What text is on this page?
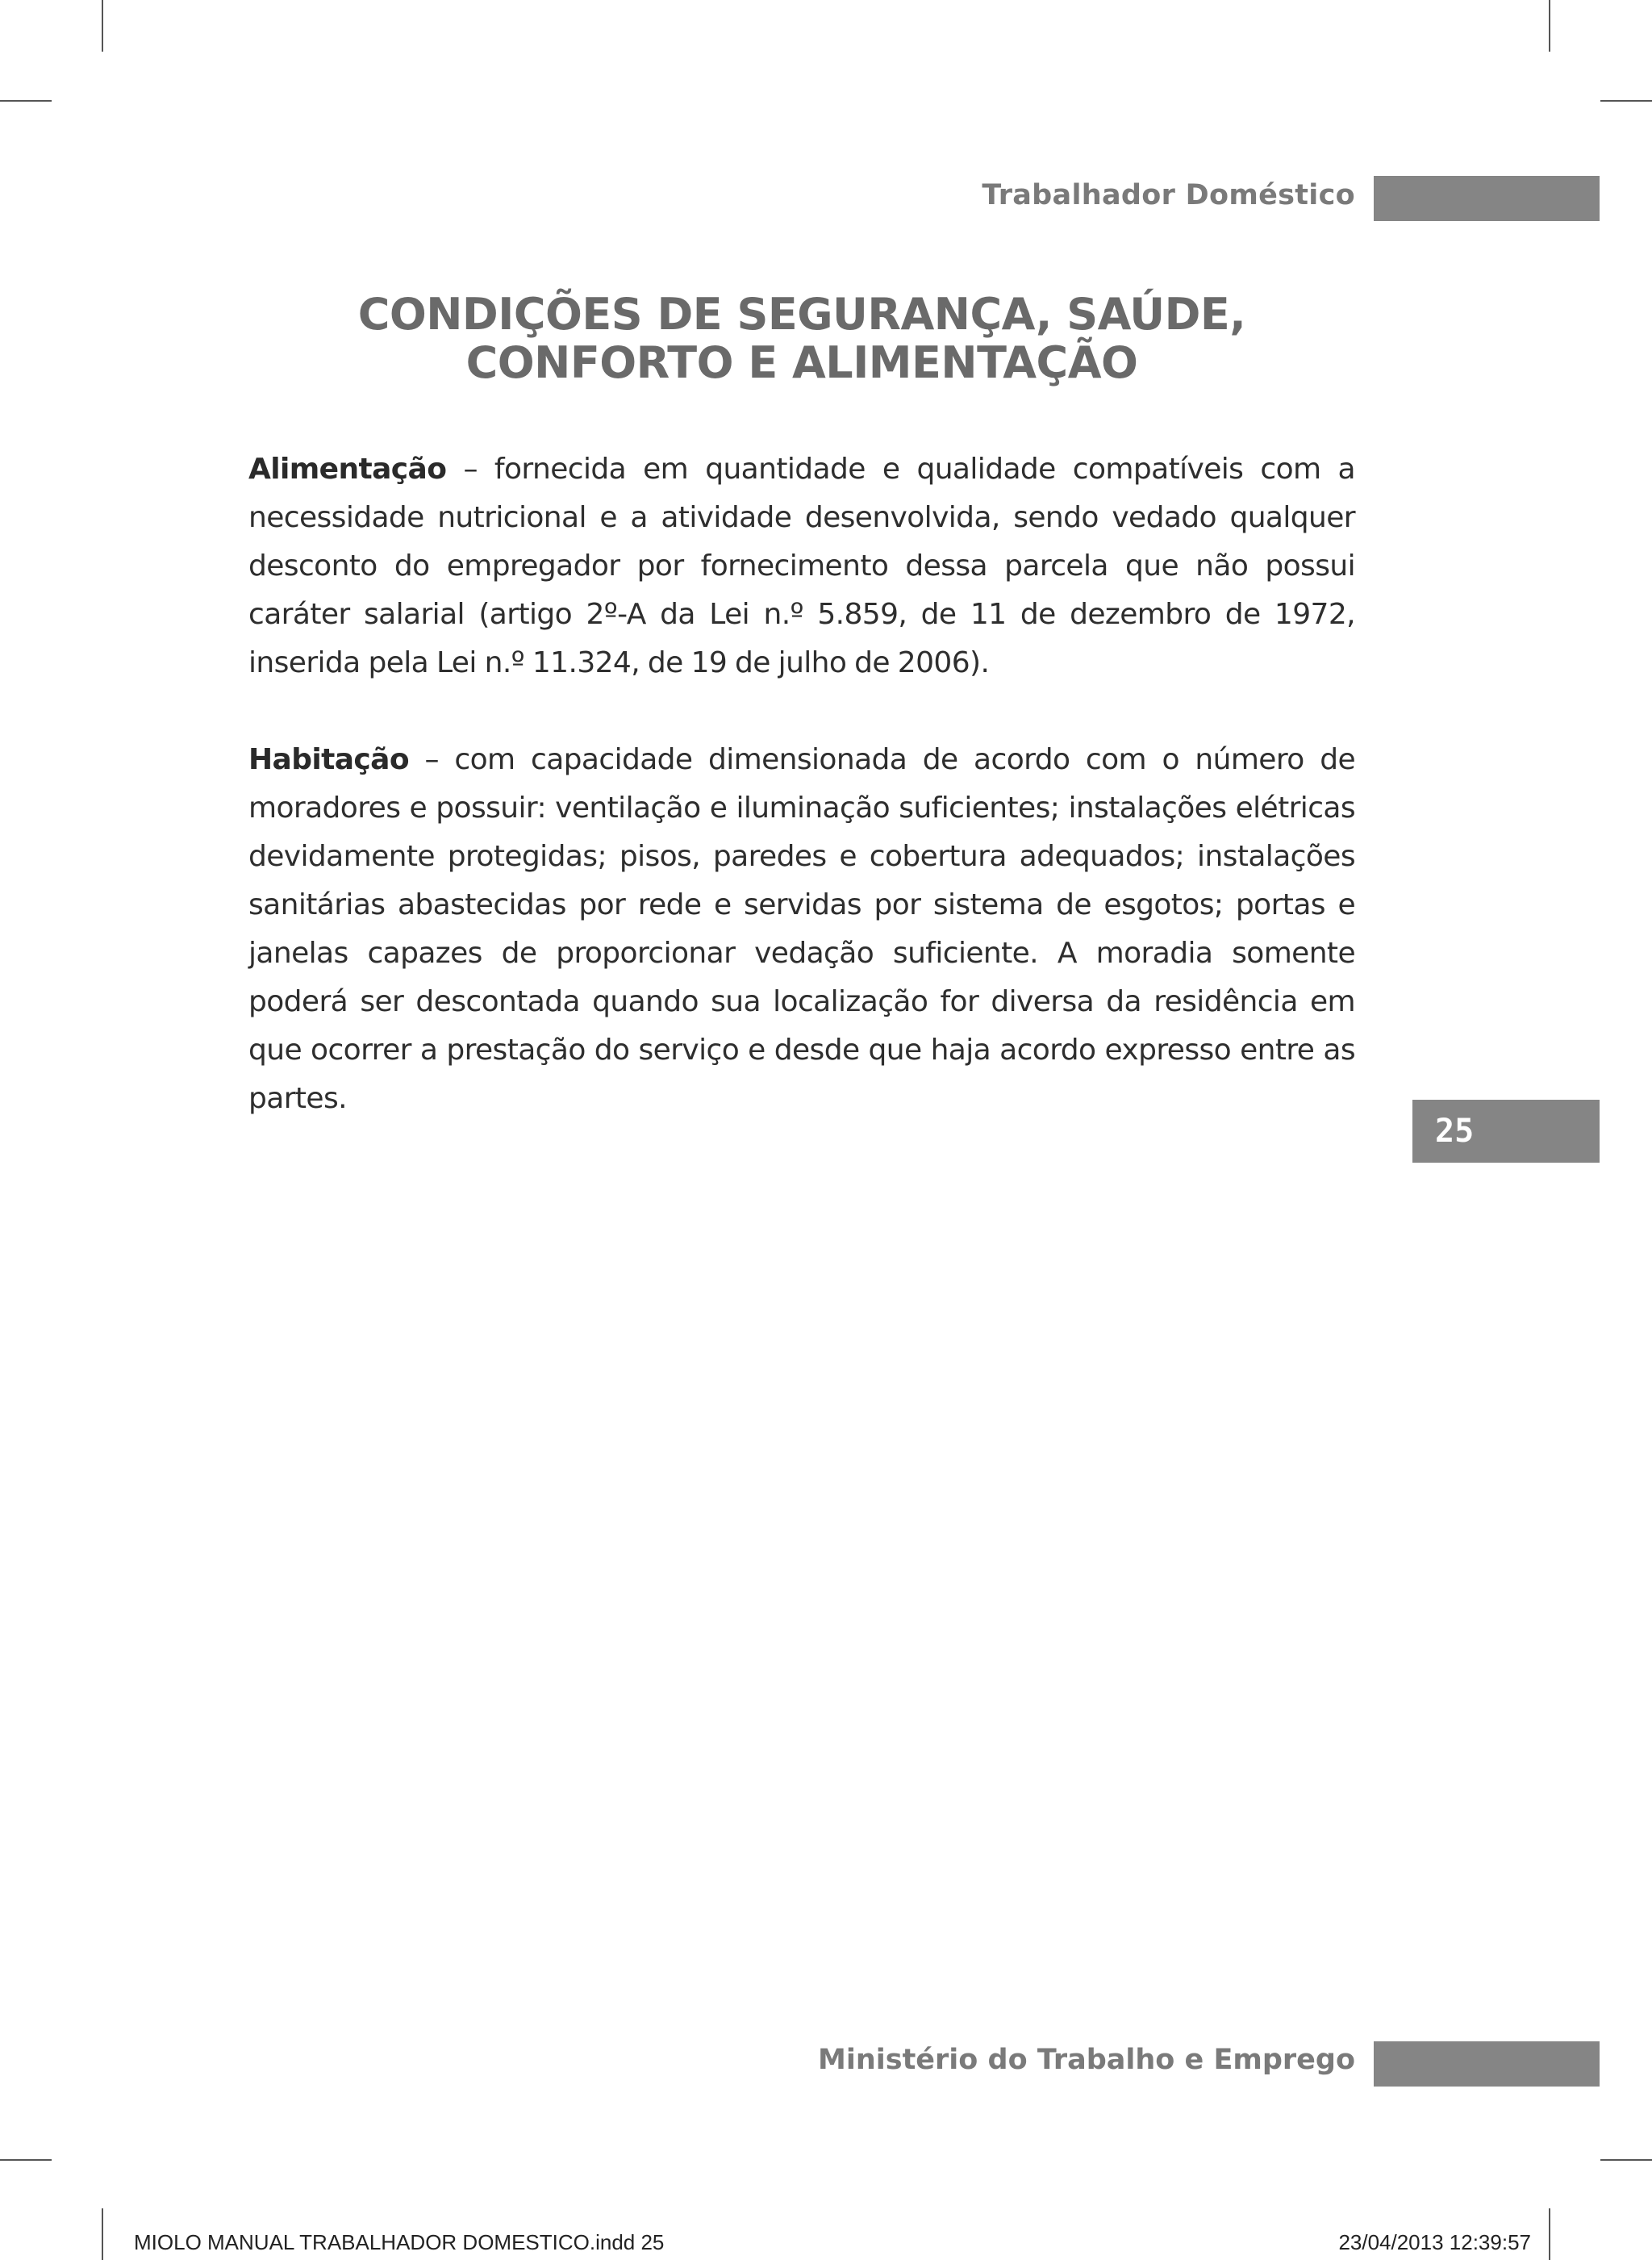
Trabalhador Doméstico
CONDIÇÕES DE SEGURANÇA, SAÚDE,
CONFORTO E ALIMENTAÇÃO
Alimentação – fornecida em quantidade e qualidade compatíveis com a necessidade nutricional e a atividade desenvolvida, sendo vedado qualquer desconto do empregador por fornecimento dessa parcela que não possui caráter salarial (artigo 2º-A da Lei n.º 5.859, de 11 de dezembro de 1972, inserida pela Lei n.º 11.324, de 19 de julho de 2006).
Habitação – com capacidade dimensionada de acordo com o número de moradores e possuir: ventilação e iluminação suficientes; instalações elétricas devidamente protegidas; pisos, paredes e cobertura adequados; instalações sanitárias abastecidas por rede e servidas por sistema de esgotos; portas e janelas capazes de proporcionar vedação suficiente. A moradia somente poderá ser descontada quando sua localização for diversa da residência em que ocorrer a prestação do serviço e desde que haja acordo expresso entre as partes.
25
Ministério do Trabalho e Emprego
MIOLO MANUAL TRABALHADOR DOMESTICO.indd 25	23/04/2013 12:39:57
